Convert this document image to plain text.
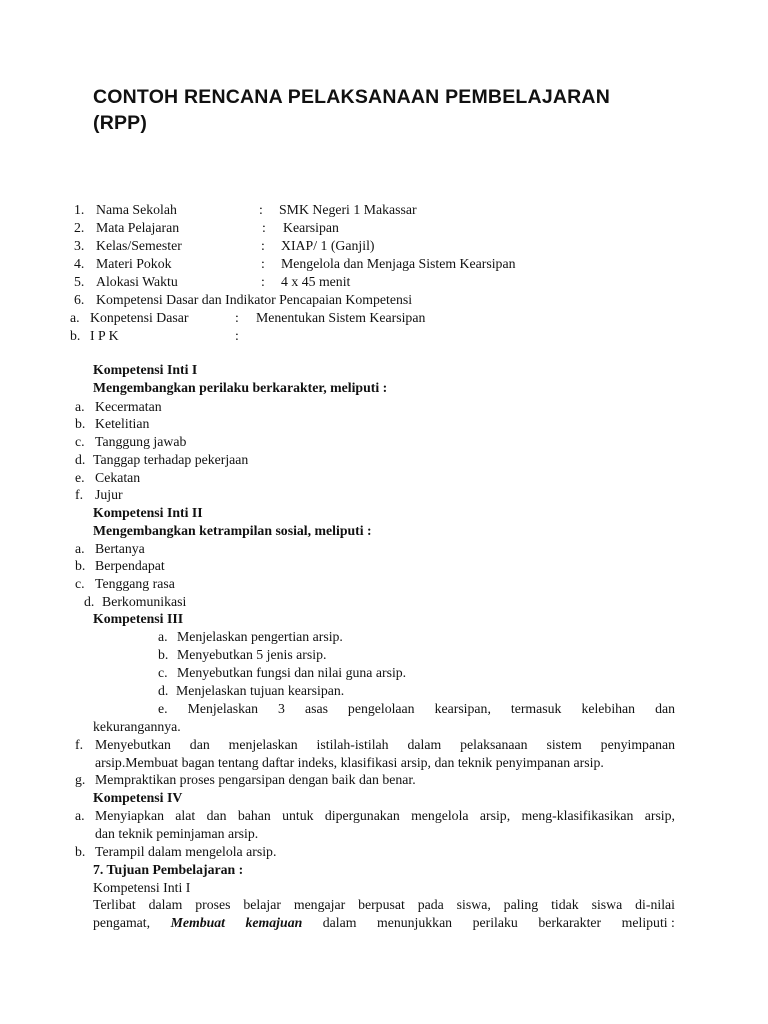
CONTOH RENCANA PELAKSANAAN PEMBELAJARAN
(RPP)
1. Nama Sekolah	: SMK Negeri 1 Makassar
2. Mata Pelajaran	: Kearsipan
3. Kelas/Semester	: XIAP/ 1 (Ganjil)
4. Materi Pokok	: Mengelola dan Menjaga Sistem Kearsipan
5. Alokasi Waktu	: 4 x 45 menit
6. Kompetensi Dasar dan Indikator Pencapaian Kompetensi
a. Konpetensi Dasar	: Menentukan Sistem Kearsipan
b. I P K	:
Kompetensi Inti I
Mengembangkan perilaku berkarakter, meliputi :
a. Kecermatan
b. Ketelitian
c. Tanggung jawab
d. Tanggap terhadap pekerjaan
e. Cekatan
f. Jujur
Kompetensi Inti II
Mengembangkan ketrampilan sosial, meliputi :
a. Bertanya
b. Berpendapat
c. Tenggang rasa
d. Berkomunikasi
Kompetensi III
a. Menjelaskan pengertian arsip.
b. Menyebutkan 5 jenis arsip.
c. Menyebutkan fungsi dan nilai guna arsip.
d. Menjelaskan tujuan kearsipan.
e. Menjelaskan 3 asas pengelolaan kearsipan, termasuk kelebihan dan
kekurangannya.
f. Menyebutkan dan menjelaskan istilah-istilah dalam pelaksanaan sistem penyimpanan
arsip.Membuat bagan tentang daftar indeks, klasifikasi arsip, dan teknik penyimpanan arsip.
g. Mempraktikan proses pengarsipan dengan baik dan benar.
Kompetensi IV
a. Menyiapkan alat dan bahan untuk dipergunakan mengelola arsip, meng-klasifikasikan arsip,
dan teknik peminjaman arsip.
b. Terampil dalam mengelola arsip.
7. Tujuan Pembelajaran :
Kompetensi Inti I
Terlibat dalam proses belajar mengajar berpusat pada siswa, paling tidak siswa di-nilai
pengamat, Membuat kemajuan dalam menunjukkan perilaku berkarakter meliputi :
